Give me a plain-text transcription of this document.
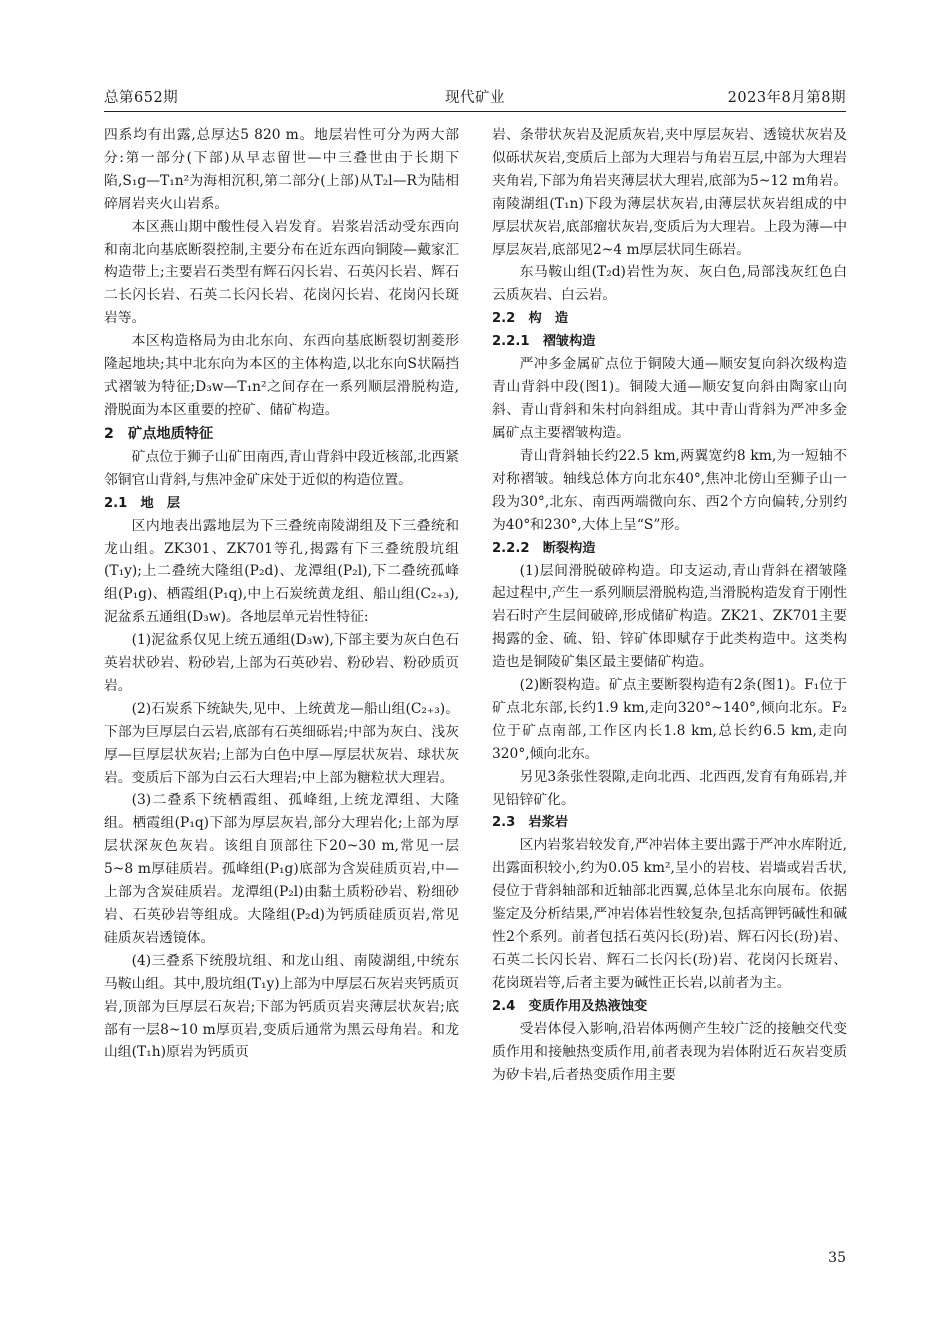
总第652期	现代矿业	2023年8月第8期

四系均有出露,总厚达5 820 m。地层岩性可分为两大部分:第一部分(下部)从早志留世—中三叠世由于长期下陷,S₁g—T₁n²为海相沉积,第二部分(上部)从T₂l—R为陆相碎屑岩夹火山岩系。

本区燕山期中酸性侵入岩发育。岩浆岩活动受东西向和南北向基底断裂控制,主要分布在近东西向铜陵—戴家汇构造带上;主要岩石类型有辉石闪长岩、石英闪长岩、辉石二长闪长岩、石英二长闪长岩、花岗闪长岩、花岗闪长斑岩等。

本区构造格局为由北东向、东西向基底断裂切割菱形隆起地块;其中北东向为本区的主体构造,以北东向S状隔挡式褶皱为特征;D₃w—T₁n²之间存在一系列顺层滑脱构造,滑脱面为本区重要的控矿、储矿构造。

2　矿点地质特征

矿点位于狮子山矿田南西,青山背斜中段近核部,北西紧邻铜官山背斜,与焦冲金矿床处于近似的构造位置。

2.1　地　层

区内地表出露地层为下三叠统南陵湖组及下三叠统和龙山组。ZK301、ZK701等孔,揭露有下三叠统殷坑组(T₁y);上二叠统大隆组(P₂d)、龙潭组(P₂l),下二叠统孤峰组(P₁g)、栖霞组(P₁q),中上石炭统黄龙组、船山组(C₂₊₃),泥盆系五通组(D₃w)。各地层单元岩性特征:

(1)泥盆系仅见上统五通组(D₃w),下部主要为灰白色石英岩状砂岩、粉砂岩,上部为石英砂岩、粉砂岩、粉砂质页岩。

(2)石炭系下统缺失,见中、上统黄龙—船山组(C₂₊₃)。下部为巨厚层白云岩,底部有石英细砾岩;中部为灰白、浅灰厚—巨厚层状灰岩;上部为白色中厚—厚层状灰岩、球状灰岩。变质后下部为白云石大理岩;中上部为糖粒状大理岩。

(3)二叠系下统栖霞组、孤峰组,上统龙潭组、大隆组。栖霞组(P₁q)下部为厚层灰岩,部分大理岩化;上部为厚层状深灰色灰岩。该组自顶部往下20~30 m,常见一层5~8 m厚硅质岩。孤峰组(P₁g)底部为含炭硅质页岩,中—上部为含炭硅质岩。龙潭组(P₂l)由黏土质粉砂岩、粉细砂岩、石英砂岩等组成。大隆组(P₂d)为钙质硅质页岩,常见硅质灰岩透镜体。

(4)三叠系下统殷坑组、和龙山组、南陵湖组,中统东马鞍山组。其中,殷坑组(T₁y)上部为中厚层石灰岩夹钙质页岩,顶部为巨厚层石灰岩;下部为钙质页岩夹薄层状灰岩;底部有一层8~10 m厚页岩,变质后通常为黑云母角岩。和龙山组(T₁h)原岩为钙质页

岩、条带状灰岩及泥质灰岩,夹中厚层灰岩、透镜状灰岩及似砾状灰岩,变质后上部为大理岩与角岩互层,中部为大理岩夹角岩,下部为角岩夹薄层状大理岩,底部为5~12 m角岩。南陵湖组(T₁n)下段为薄层状灰岩,由薄层状灰岩组成的中厚层状灰岩,底部瘤状灰岩,变质后为大理岩。上段为薄—中厚层灰岩,底部见2~4 m厚层状同生砾岩。

东马鞍山组(T₂d)岩性为灰、灰白色,局部浅灰红色白云质灰岩、白云岩。

2.2　构　造
2.2.1　褶皱构造

严冲多金属矿点位于铜陵大通—顺安复向斜次级构造青山背斜中段(图1)。铜陵大通—顺安复向斜由陶家山向斜、青山背斜和朱村向斜组成。其中青山背斜为严冲多金属矿点主要褶皱构造。

青山背斜轴长约22.5 km,两翼宽约8 km,为一短轴不对称褶皱。轴线总体方向北东40°,焦冲北傍山至狮子山一段为30°,北东、南西两端微向东、西2个方向偏转,分别约为40°和230°,大体上呈“S”形。

2.2.2　断裂构造

(1)层间滑脱破碎构造。印支运动,青山背斜在褶皱隆起过程中,产生一系列顺层滑脱构造,当滑脱构造发育于刚性岩石时产生层间破碎,形成储矿构造。ZK21、ZK701主要揭露的金、硫、铅、锌矿体即赋存于此类构造中。这类构造也是铜陵矿集区最主要储矿构造。

(2)断裂构造。矿点主要断裂构造有2条(图1)。F₁位于矿点北东部,长约1.9 km,走向320°~140°,倾向北东。F₂位于矿点南部,工作区内长1.8 km,总长约6.5 km,走向320°,倾向北东。

另见3条张性裂隙,走向北西、北西西,发育有角砾岩,并见铅锌矿化。

2.3　岩浆岩

区内岩浆岩较发育,严冲岩体主要出露于严冲水库附近,出露面积较小,约为0.05 km²,呈小的岩枝、岩墙或岩舌状,侵位于背斜轴部和近轴部北西翼,总体呈北东向展布。依据鉴定及分析结果,严冲岩体岩性较复杂,包括高钾钙碱性和碱性2个系列。前者包括石英闪长(玢)岩、辉石闪长(玢)岩、石英二长闪长岩、辉石二长闪长(玢)岩、花岗闪长斑岩、花岗斑岩等,后者主要为碱性正长岩,以前者为主。

2.4　变质作用及热液蚀变

受岩体侵入影响,沿岩体两侧产生较广泛的接触交代变质作用和接触热变质作用,前者表现为岩体附近石灰岩变质为矽卡岩,后者热变质作用主要

35
